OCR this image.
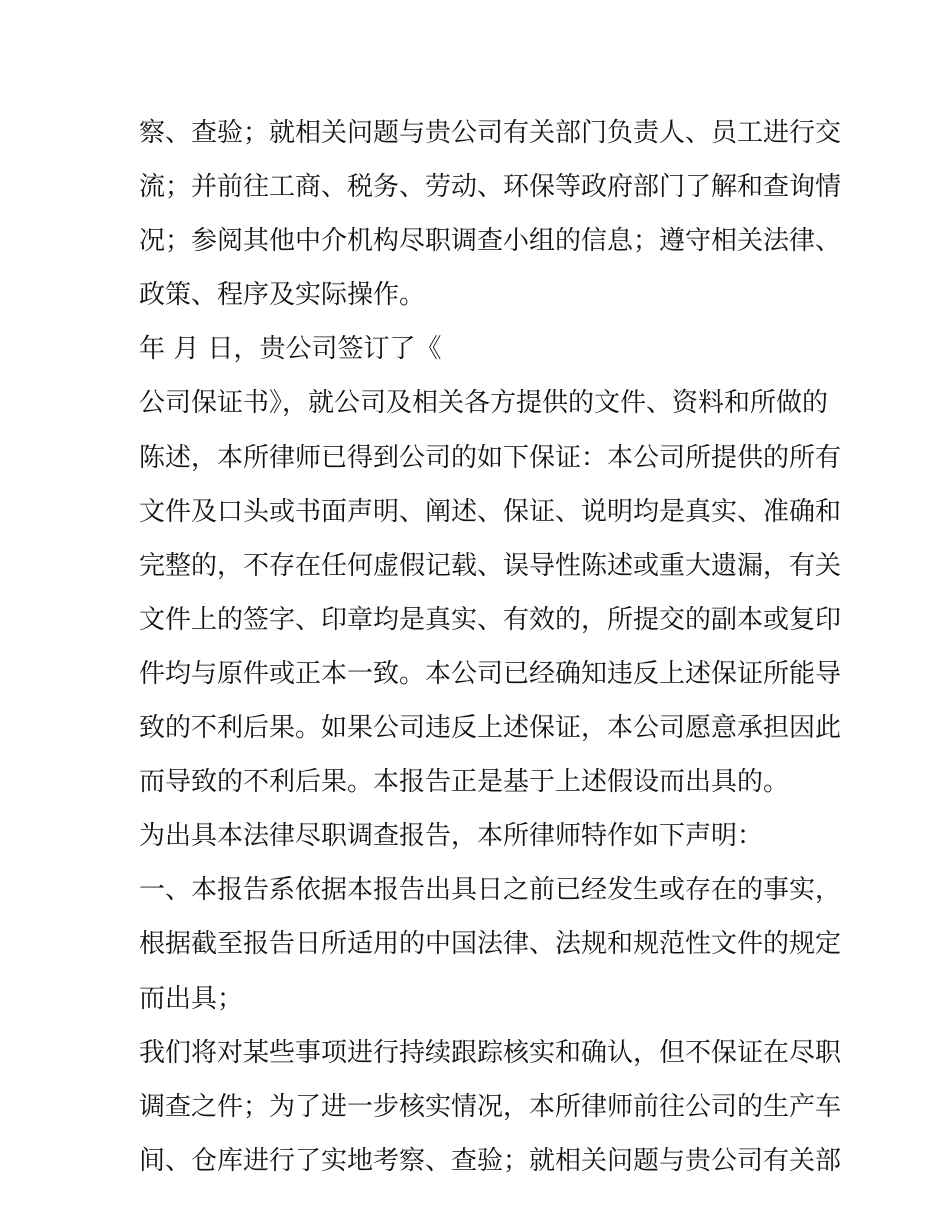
察、查验；就相关问题与贵公司有关部门负责人、员工进行交
流；并前往工商、税务、劳动、环保等政府部门了解和查询情
况；参阅其他中介机构尽职调查小组的信息；遵守相关法律、
政策、程序及实际操作。
年 月 日，贵公司签订了《
公司保证书》，就公司及相关各方提供的文件、资料和所做的
陈述，本所律师已得到公司的如下保证：本公司所提供的所有
文件及口头或书面声明、阐述、保证、说明均是真实、准确和
完整的，不存在任何虚假记载、误导性陈述或重大遗漏，有关
文件上的签字、印章均是真实、有效的，所提交的副本或复印
件均与原件或正本一致。本公司已经确知违反上述保证所能导
致的不利后果。如果公司违反上述保证，本公司愿意承担因此
而导致的不利后果。本报告正是基于上述假设而出具的。
为出具本法律尽职调查报告，本所律师特作如下声明：
一、本报告系依据本报告出具日之前已经发生或存在的事实，
根据截至报告日所适用的中国法律、法规和规范性文件的规定
而出具；
我们将对某些事项进行持续跟踪核实和确认，但不保证在尽职
调查之件；为了进一步核实情况，本所律师前往公司的生产车
间、仓库进行了实地考察、查验；就相关问题与贵公司有关部
